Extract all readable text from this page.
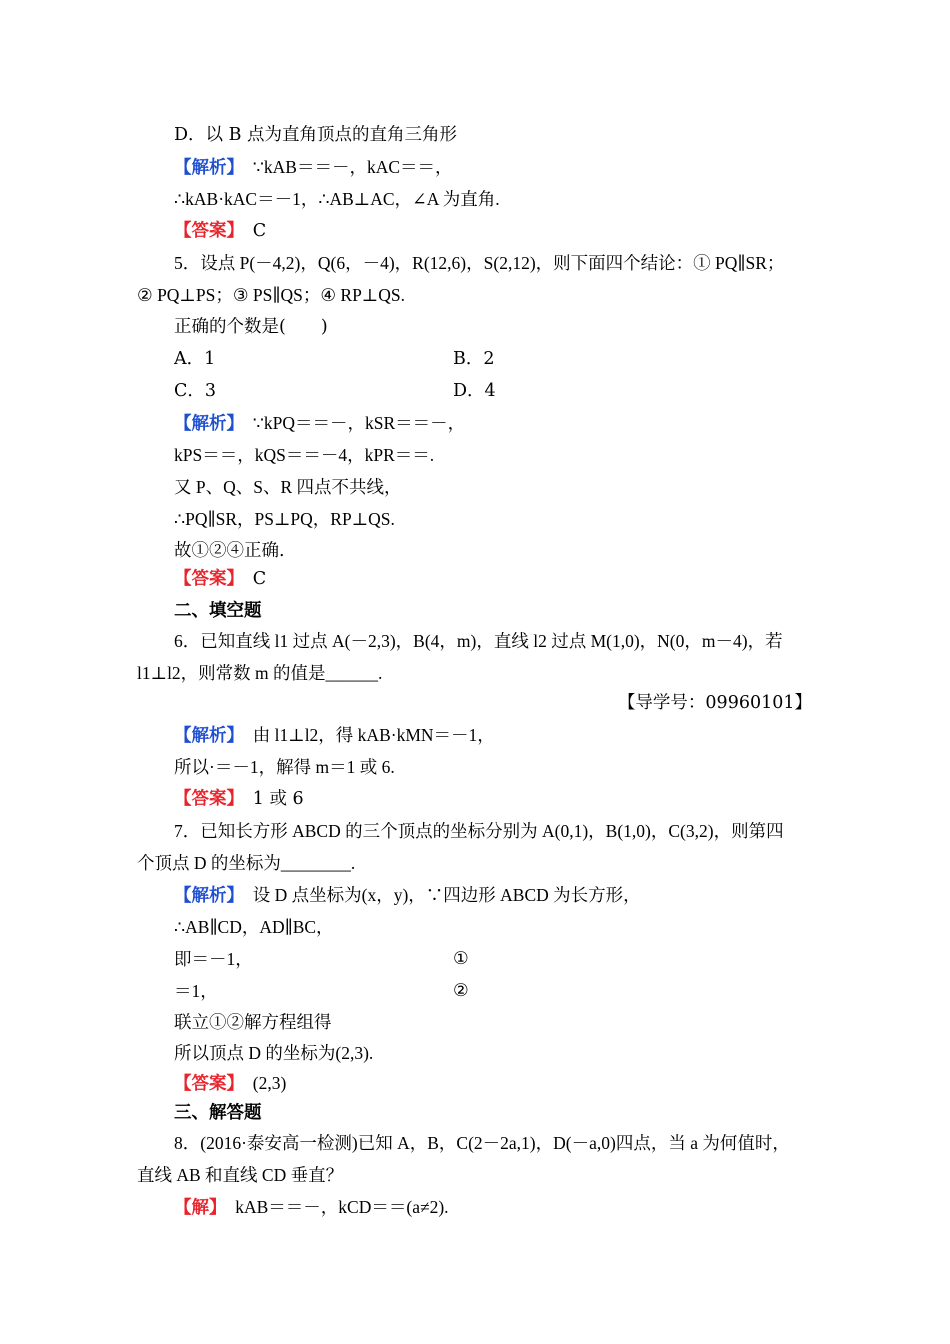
D．以 B 点为直角顶点的直角三角形
【解析】　 ∵kAB＝＝－，kAC＝＝，
∴kAB·kAC＝－1，∴AB⊥AC，∠A 为直角.
【答案】　 C
5．设点 P(－4,2)，Q(6，－4)，R(12,6)，S(2,12)，则下面四个结论：① PQ∥SR；
② PQ⊥PS；③ PS∥QS；④ RP⊥QS.
正确的个数是(　　)
A．1	B．2
C．3	D．4
【解析】　 ∵kPQ＝＝－，kSR＝＝－，
kPS＝＝，kQS＝＝－4，kPR＝＝.
又 P、Q、S、R 四点不共线，
∴PQ∥SR，PS⊥PQ，RP⊥QS.
故①②④正确.
【答案】　 C
二、填空题
6．已知直线 l1 过点 A(－2,3)，B(4，m)，直线 l2 过点 M(1,0)，N(0，m－4)，若
l1⊥l2，则常数 m 的值是______.
【导学号：09960101】
【解析】　 由 l1⊥l2，得 kAB·kMN＝－1，
所以·＝－1，解得 m＝1 或 6.
【答案】　 1 或 6
7．已知长方形 ABCD 的三个顶点的坐标分别为 A(0,1)，B(1,0)，C(3,2)，则第四
个顶点 D 的坐标为________.
【解析】　 设 D 点坐标为(x，y)，∵四边形 ABCD 为长方形，
∴AB∥CD，AD∥BC，
即＝－1，	①
＝1，	②
联立①②解方程组得
所以顶点 D 的坐标为(2,3).
【答案】　 (2,3)
三、解答题
8．(2016·泰安高一检测)已知 A，B，C(2－2a,1)，D(－a,0)四点，当 a 为何值时，
直线 AB 和直线 CD 垂直？
【解】　 kAB＝＝－，kCD＝＝(a≠2).
